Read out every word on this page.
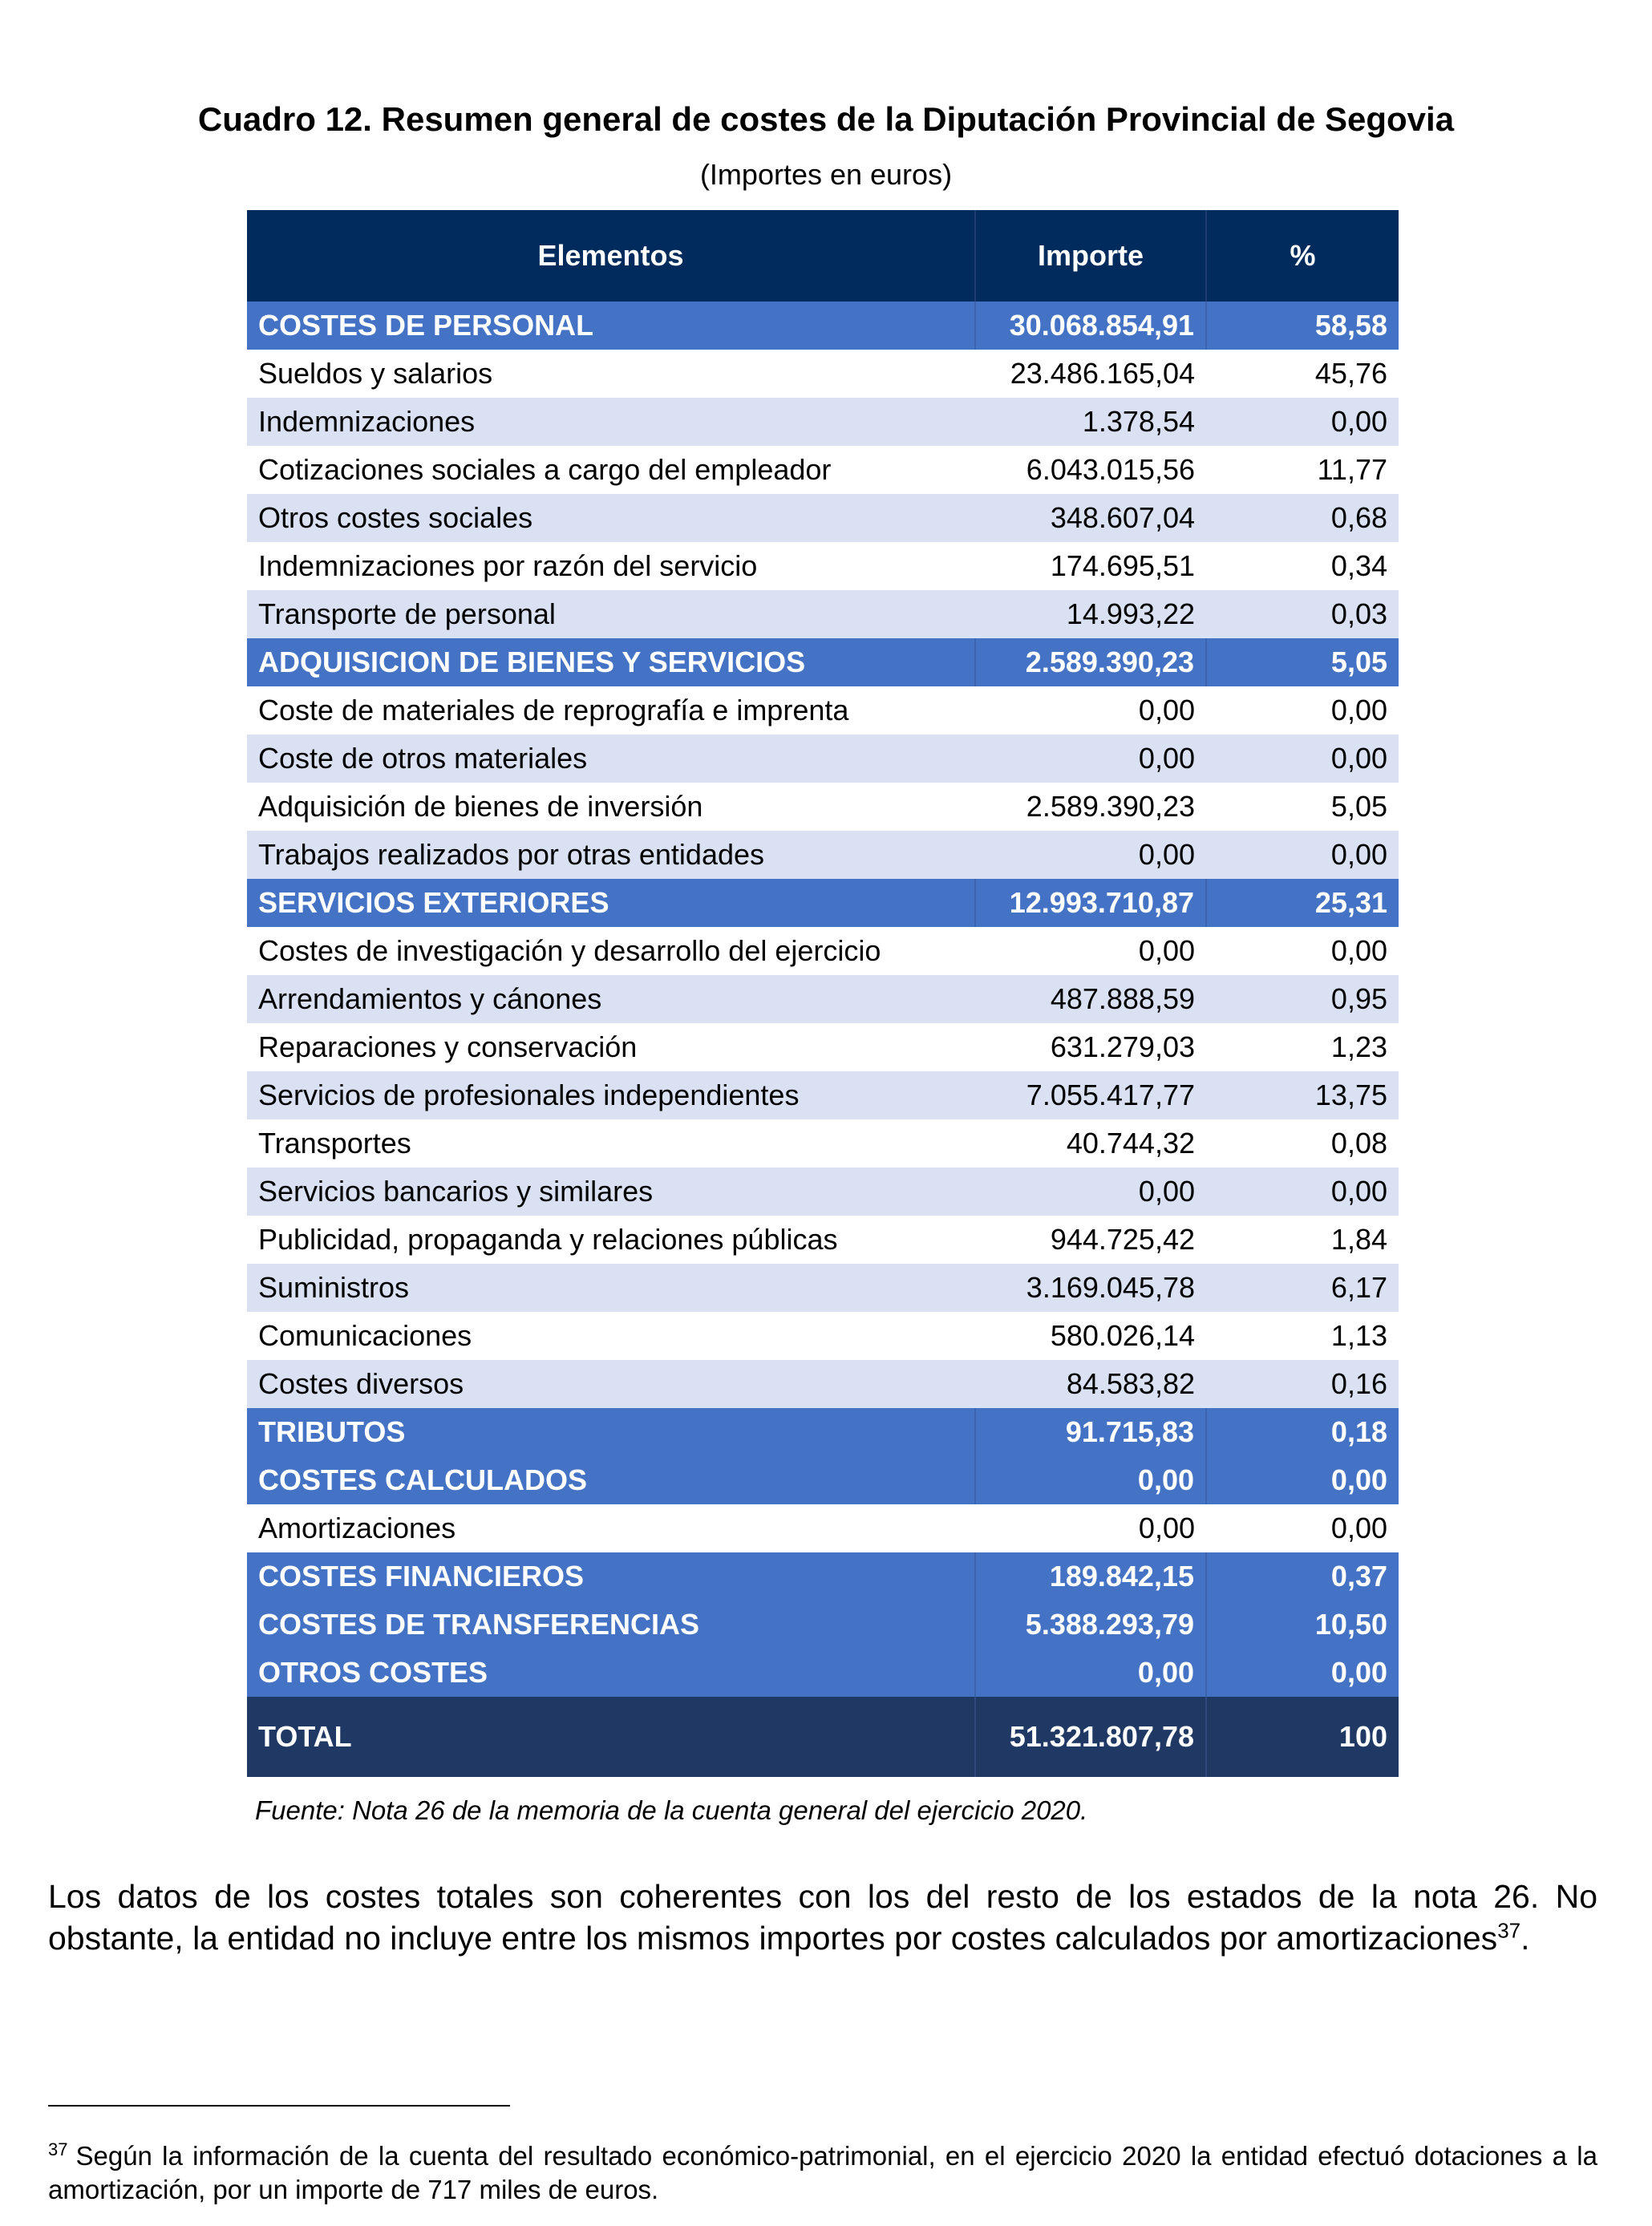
Cuadro 12. Resumen general de costes de la Diputación Provincial de Segovia
(Importes en euros)
Elementos	Importe	%
COSTES DE PERSONAL	30.068.854,91	58,58
Sueldos y salarios	23.486.165,04	45,76
Indemnizaciones	1.378,54	0,00
Cotizaciones sociales a cargo del empleador	6.043.015,56	11,77
Otros costes sociales	348.607,04	0,68
Indemnizaciones por razón del servicio	174.695,51	0,34
Transporte de personal	14.993,22	0,03
ADQUISICION DE BIENES Y SERVICIOS	2.589.390,23	5,05
Coste de materiales de reprografía e imprenta	0,00	0,00
Coste de otros materiales	0,00	0,00
Adquisición de bienes de inversión	2.589.390,23	5,05
Trabajos realizados por otras entidades	0,00	0,00
SERVICIOS EXTERIORES	12.993.710,87	25,31
Costes de investigación y desarrollo del ejercicio	0,00	0,00
Arrendamientos y cánones	487.888,59	0,95
Reparaciones y conservación	631.279,03	1,23
Servicios de profesionales independientes	7.055.417,77	13,75
Transportes	40.744,32	0,08
Servicios bancarios y similares	0,00	0,00
Publicidad, propaganda y relaciones públicas	944.725,42	1,84
Suministros	3.169.045,78	6,17
Comunicaciones	580.026,14	1,13
Costes diversos	84.583,82	0,16
TRIBUTOS	91.715,83	0,18
COSTES CALCULADOS	0,00	0,00
Amortizaciones	0,00	0,00
COSTES FINANCIEROS	189.842,15	0,37
COSTES DE TRANSFERENCIAS	5.388.293,79	10,50
OTROS COSTES	0,00	0,00
TOTAL	51.321.807,78	100
Fuente: Nota 26 de la memoria de la cuenta general del ejercicio 2020.

Los datos de los costes totales son coherentes con los del resto de los estados de la nota 26. No obstante, la entidad no incluye entre los mismos importes por costes calculados por amortizaciones$^{37}$.

$^{37}$ Según la información de la cuenta del resultado económico-patrimonial, en el ejercicio 2020 la entidad efectuó dotaciones a la amortización, por un importe de 717 miles de euros.
